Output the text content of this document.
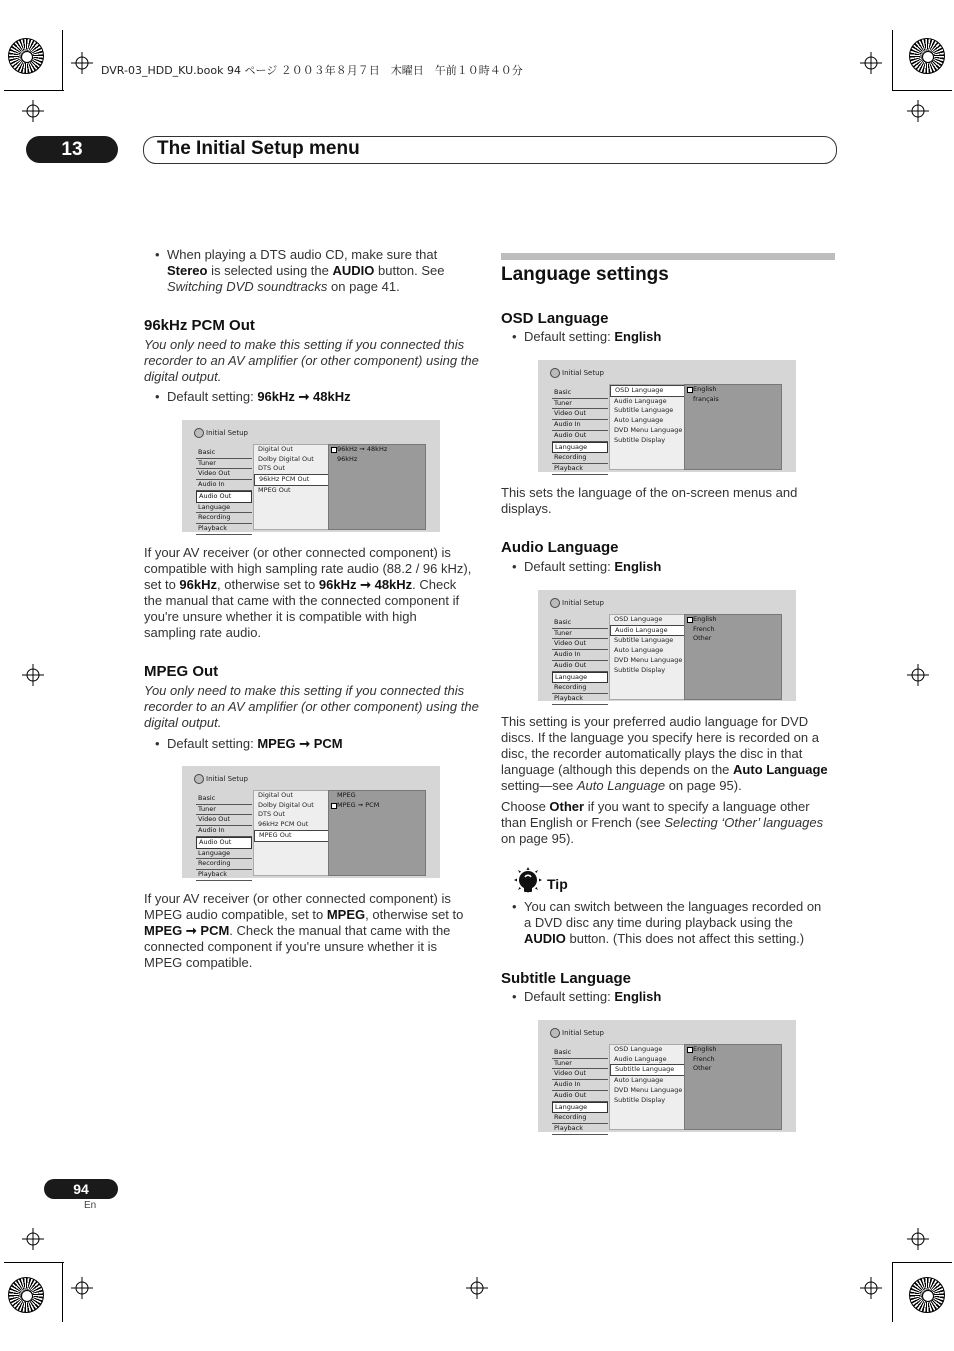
DVR-03_HDD_KU.book 94 ページ ２００３年８月７日　木曜日　午前１０時４０分
13	The Initial Setup menu
• When playing a DTS audio CD, make sure that
Stereo is selected using the AUDIO button. See
Switching DVD soundtracks on page 41.
96kHz PCM Out
You only need to make this setting if you connected this
recorder to an AV amplifier (or other component) using the
digital output.
• Default setting: 96kHz ➞ 48kHz
Initial Setup
Basic
Tuner
Video Out
Audio In
Audio Out
Language
Recording
Playback
Digital Out
Dolby Digital Out
DTS Out
96kHz PCM Out
MPEG Out
96kHz ➞ 48kHz
96kHz
If your AV receiver (or other connected component) is
compatible with high sampling rate audio (88.2 / 96 kHz),
set to 96kHz, otherwise set to 96kHz ➞ 48kHz. Check
the manual that came with the connected component if
you're unsure whether it is compatible with high
sampling rate audio.
MPEG Out
You only need to make this setting if you connected this
recorder to an AV amplifier (or other component) using the
digital output.
• Default setting: MPEG ➞ PCM
Initial Setup
Basic
Tuner
Video Out
Audio In
Audio Out
Language
Recording
Playback
Digital Out
Dolby Digital Out
DTS Out
96kHz PCM Out
MPEG Out
MPEG
MPEG ➞ PCM
If your AV receiver (or other connected component) is
MPEG audio compatible, set to MPEG, otherwise set to
MPEG ➞ PCM. Check the manual that came with the
connected component if you're unsure whether it is
MPEG compatible.
Language settings
OSD Language
• Default setting: English
Initial Setup
Basic
Tuner
Video Out
Audio In
Audio Out
Language
Recording
Playback
OSD Language
Audio Language
Subtitle Language
Auto Language
DVD Menu Language
Subtitle Display
English
français
This sets the language of the on-screen menus and
displays.
Audio Language
• Default setting: English
Initial Setup
Basic
Tuner
Video Out
Audio In
Audio Out
Language
Recording
Playback
OSD Language
Audio Language
Subtitle Language
Auto Language
DVD Menu Language
Subtitle Display
English
French
Other
This setting is your preferred audio language for DVD
discs. If the language you specify here is recorded on a
disc, the recorder automatically plays the disc in that
language (although this depends on the Auto Language
setting—see Auto Language on page 95).
Choose Other if you want to specify a language other
than English or French (see Selecting ‘Other’ languages
on page 95).
Tip
• You can switch between the languages recorded on
a DVD disc any time during playback using the
AUDIO button. (This does not affect this setting.)
Subtitle Language
• Default setting: English
Initial Setup
Basic
Tuner
Video Out
Audio In
Audio Out
Language
Recording
Playback
OSD Language
Audio Language
Subtitle Language
Auto Language
DVD Menu Language
Subtitle Display
English
French
Other
94
En
